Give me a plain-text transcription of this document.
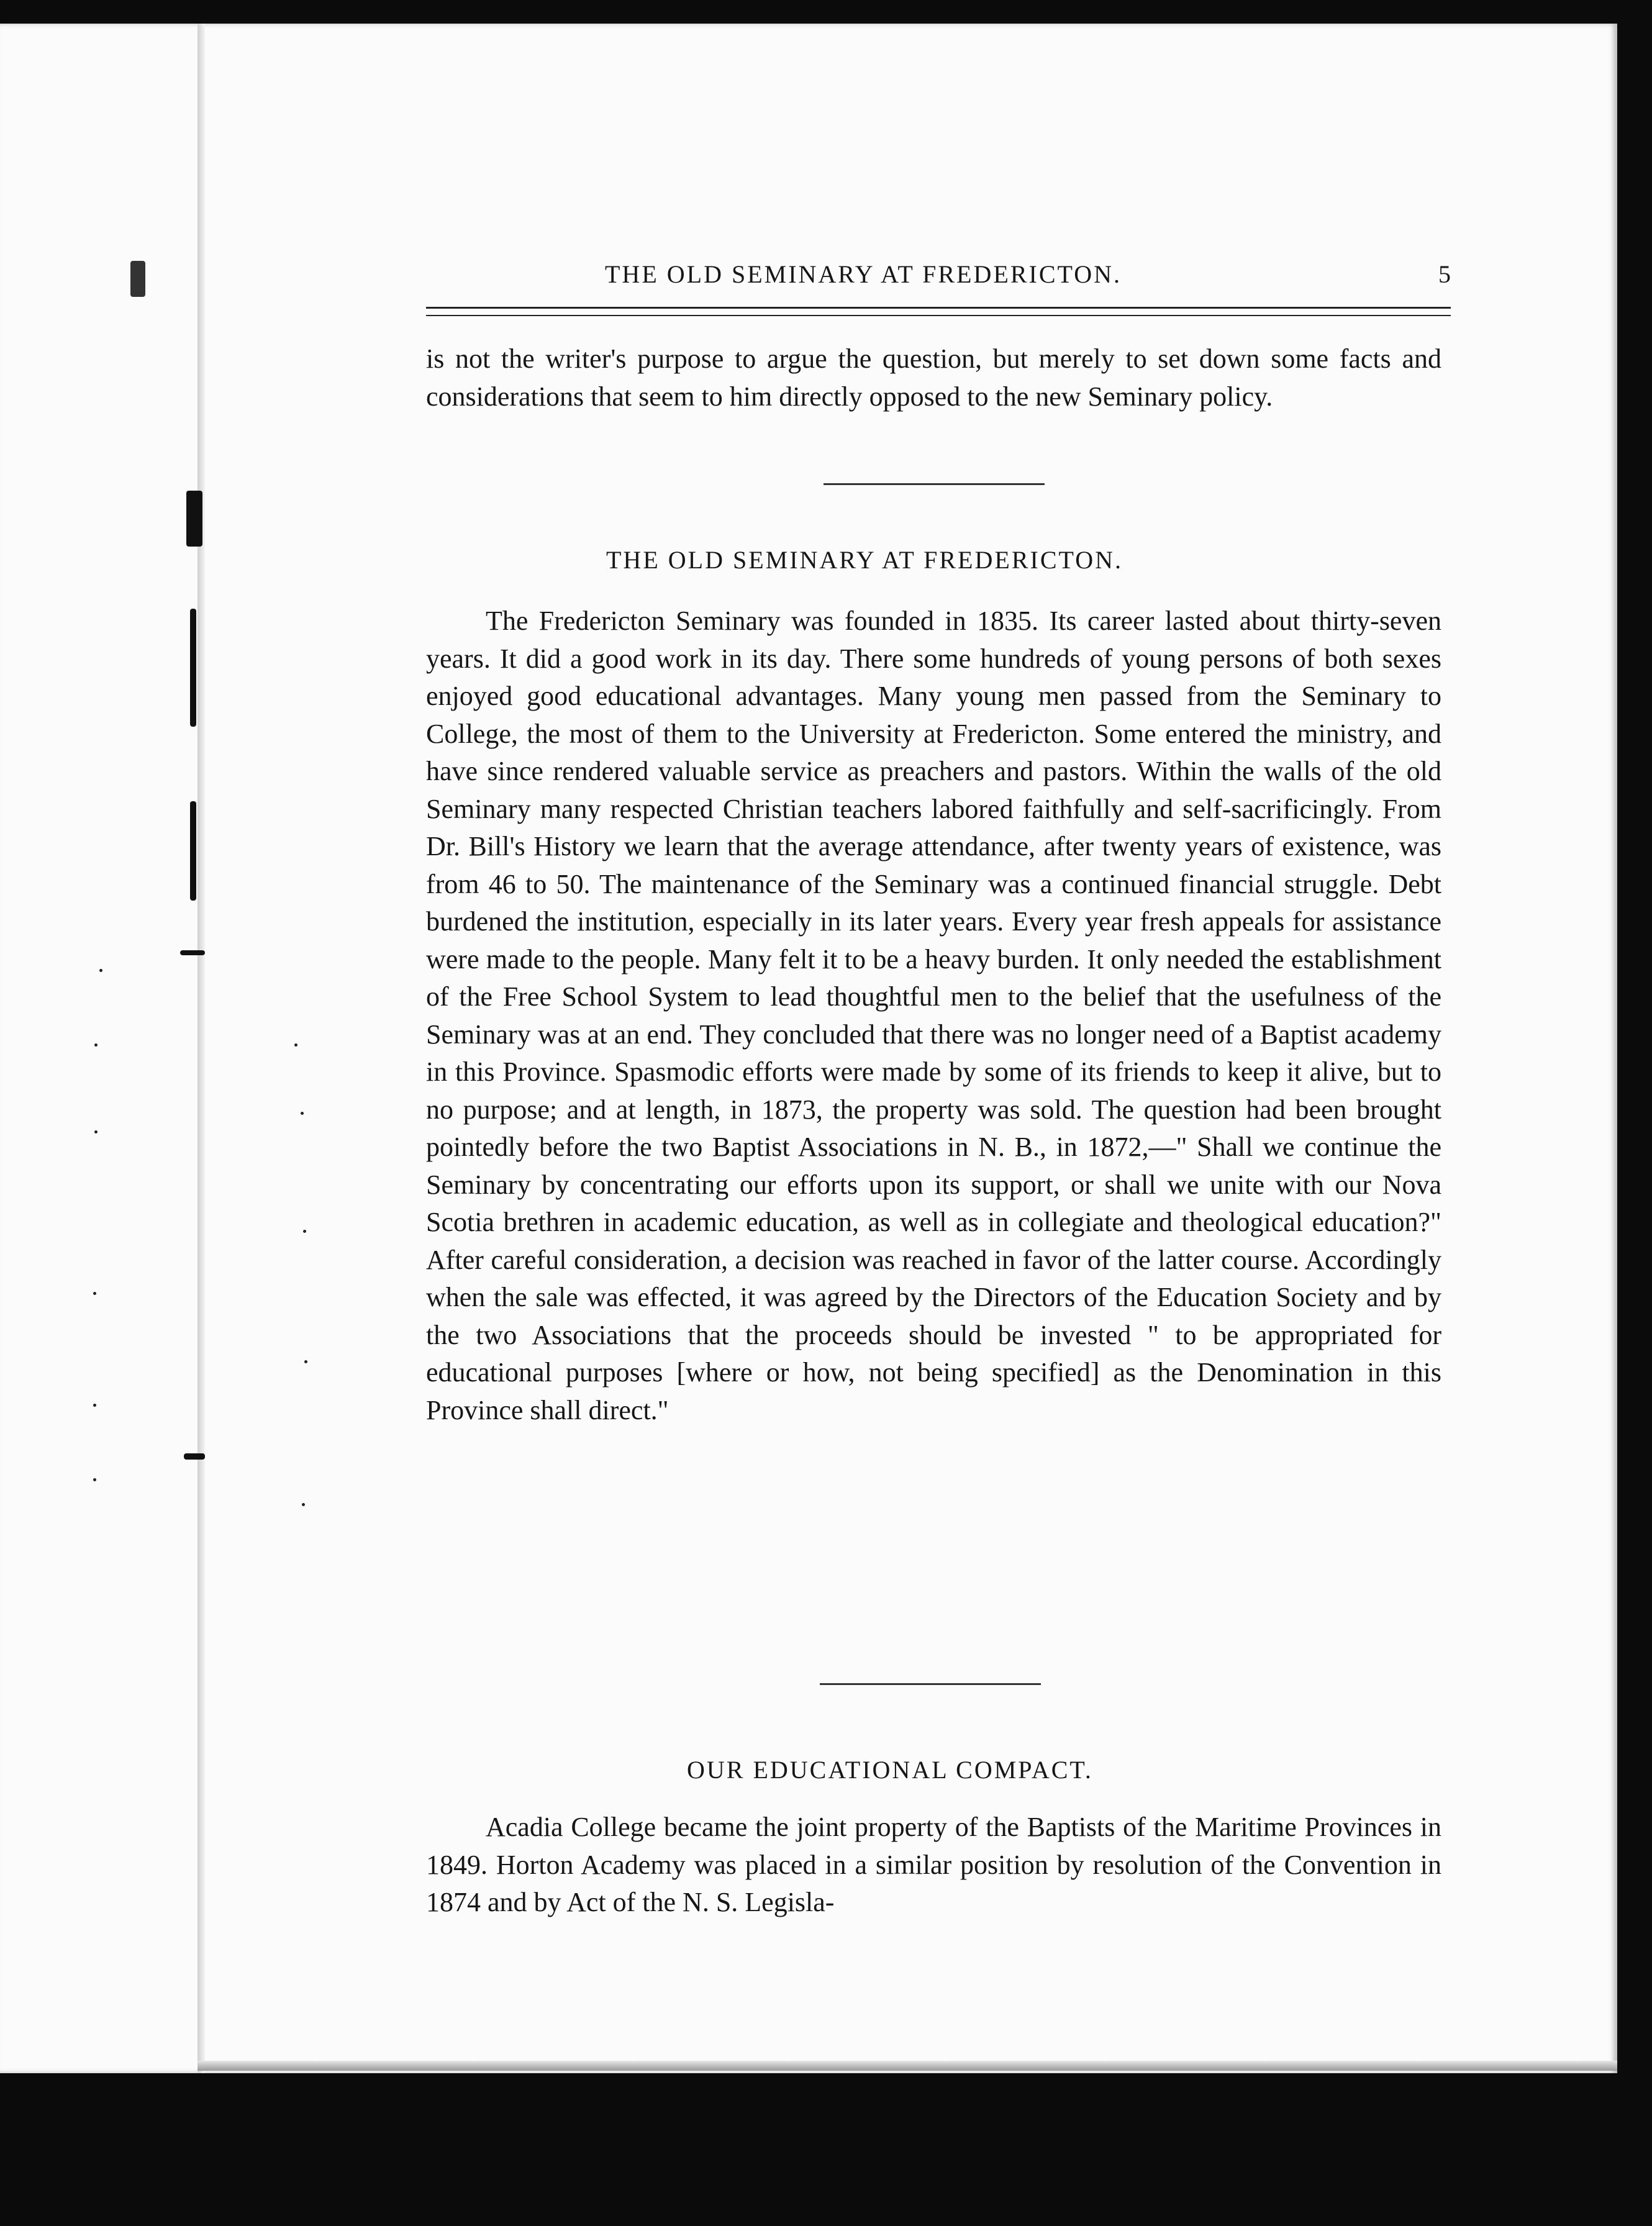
THE OLD SEMINARY AT FREDERICTON.	5

is not the writer's purpose to argue the question, but merely to set down some facts and considerations that seem to him directly opposed to the new Seminary policy.

THE OLD SEMINARY AT FREDERICTON.

The Fredericton Seminary was founded in 1835. Its career lasted about thirty-seven years. It did a good work in its day. There some hundreds of young persons of both sexes enjoyed good educational advantages. Many young men passed from the Seminary to College, the most of them to the University at Fredericton. Some entered the ministry, and have since rendered valuable service as preachers and pastors. Within the walls of the old Seminary many respected Christian teachers labored faithfully and self-sacrificingly. From Dr. Bill's History we learn that the average attendance, after twenty years of existence, was from 46 to 50. The maintenance of the Seminary was a continued financial struggle. Debt burdened the institution, especially in its later years. Every year fresh appeals for assistance were made to the people. Many felt it to be a heavy burden. It only needed the establishment of the Free School System to lead thoughtful men to the belief that the usefulness of the Seminary was at an end. They concluded that there was no longer need of a Baptist academy in this Province. Spasmodic efforts were made by some of its friends to keep it alive, but to no purpose; and at length, in 1873, the property was sold. The question had been brought pointedly before the two Baptist Associations in N. B., in 1872,—" Shall we continue the Seminary by concentrating our efforts upon its support, or shall we unite with our Nova Scotia brethren in academic education, as well as in collegiate and theological education?" After careful consideration, a decision was reached in favor of the latter course. Accordingly when the sale was effected, it was agreed by the Directors of the Education Society and by the two Associations that the proceeds should be invested " to be appropriated for educational purposes [where or how, not being specified] as the Denomination in this Province shall direct."

OUR EDUCATIONAL COMPACT.

Acadia College became the joint property of the Baptists of the Maritime Provinces in 1849. Horton Academy was placed in a similar position by resolution of the Convention in 1874 and by Act of the N. S. Legisla-
